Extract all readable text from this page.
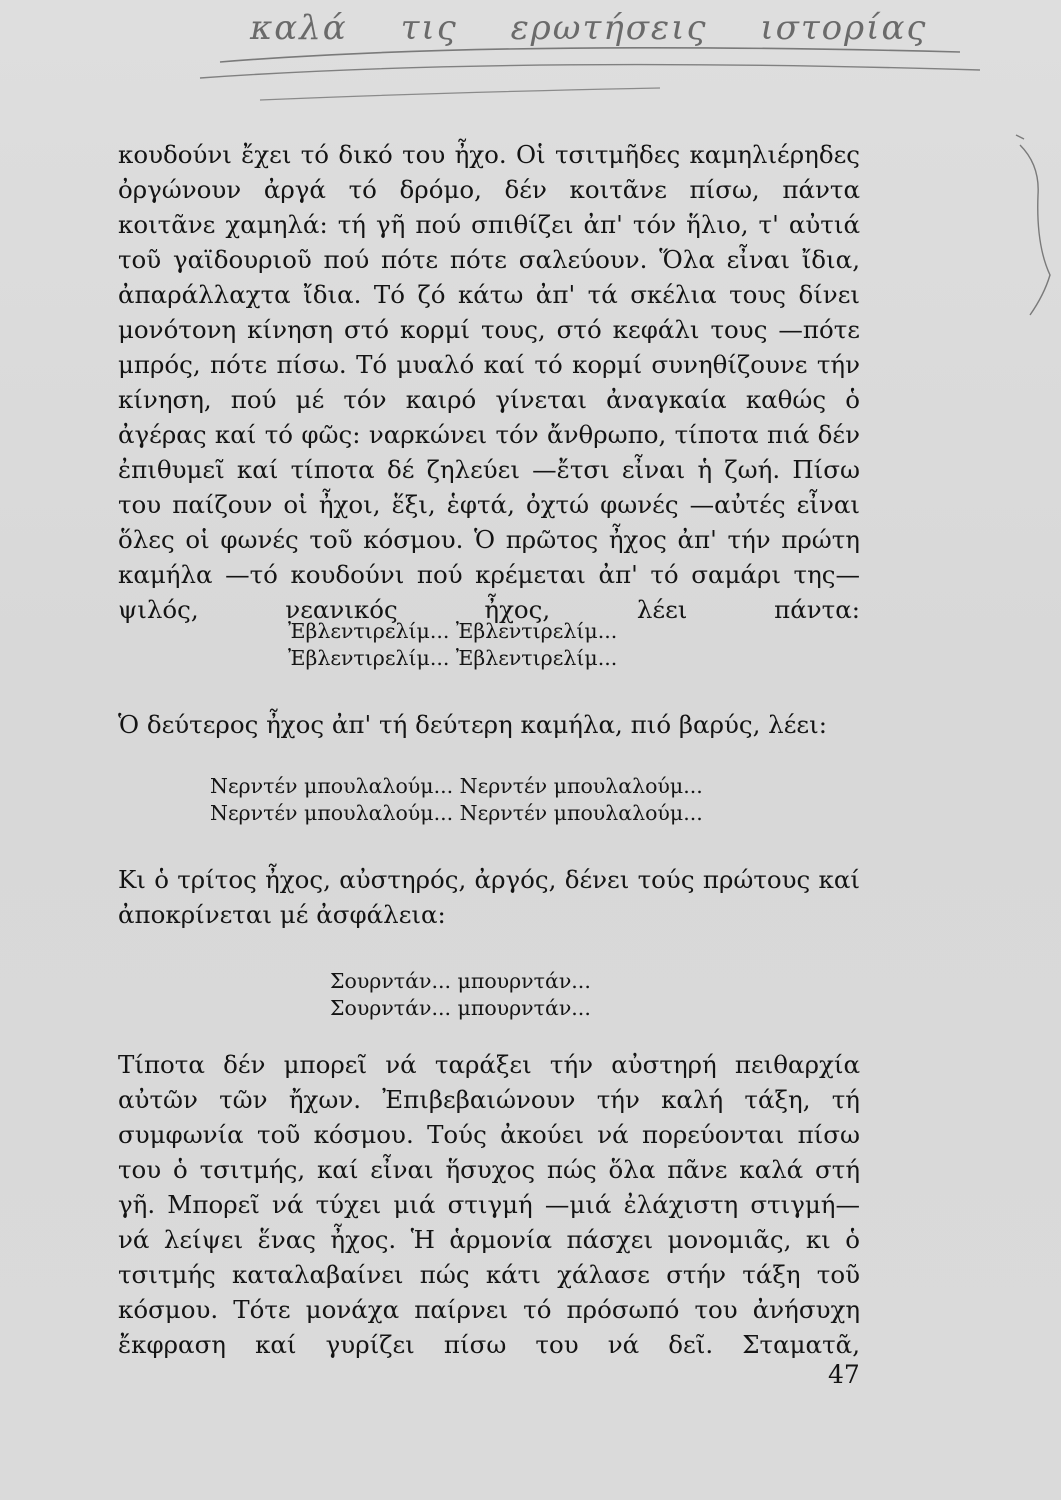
καλά τις ερωτήσεις ιστορίας
κουδούνι ἔχει τό δικό του ἦχο. Οἱ τσιτμῆδες καμηλιέρηδες ὀργώνουν ἀργά τό δρόμο, δέν κοιτᾶνε πίσω, πάντα κοιτᾶνε χαμηλά: τή γῆ πού σπιθίζει ἀπ' τόν ἥλιο, τ' αὐτιά τοῦ γαϊδουριοῦ πού πότε πότε σαλεύουν. Ὅλα εἶναι ἴδια, ἀπαράλλαχτα ἴδια. Τό ζό κάτω ἀπ' τά σκέλια τους δίνει μονότονη κίνηση στό κορμί τους, στό κεφάλι τους —πότε μπρός, πότε πίσω. Τό μυαλό καί τό κορμί συνηθίζουνε τήν κίνηση, πού μέ τόν καιρό γίνεται ἀναγκαία καθώς ὁ ἀγέρας καί τό φῶς: ναρκώνει τόν ἄνθρωπο, τίποτα πιά δέν ἐπιθυμεῖ καί τίποτα δέ ζηλεύει —ἔτσι εἶναι ἡ ζωή. Πίσω του παίζουν οἱ ἦχοι, ἕξι, ἑφτά, ὀχτώ φωνές —αὐτές εἶναι ὅλες οἱ φωνές τοῦ κόσμου. Ὁ πρῶτος ἦχος ἀπ' τήν πρώτη καμήλα —τό κουδούνι πού κρέμεται ἀπ' τό σαμάρι της— ψιλός, νεανικός ἦχος, λέει πάντα:
Ἐβλεντιρελίμ... Ἐβλεντιρελίμ...
Ἐβλεντιρελίμ... Ἐβλεντιρελίμ...
Ὁ δεύτερος ἦχος ἀπ' τή δεύτερη καμήλα, πιό βαρύς, λέει:
Νερντέν μπουλαλούμ... Νερντέν μπουλαλούμ...
Νερντέν μπουλαλούμ... Νερντέν μπουλαλούμ...
Κι ὁ τρίτος ἦχος, αὐστηρός, ἀργός, δένει τούς πρώτους καί ἀποκρίνεται μέ ἀσφάλεια:
Σουρντάν... μπουρντάν...
Σουρντάν... μπουρντάν...
Τίποτα δέν μπορεῖ νά ταράξει τήν αὐστηρή πειθαρχία αὐτῶν τῶν ἤχων. Ἐπιβεβαιώνουν τήν καλή τάξη, τή συμφωνία τοῦ κόσμου. Τούς ἀκούει νά πορεύονται πίσω του ὁ τσιτμής, καί εἶναι ἥσυχος πώς ὅλα πᾶνε καλά στή γῆ. Μπορεῖ νά τύχει μιά στιγμή —μιά ἐλάχιστη στιγμή— νά λείψει ἕνας ἦχος. Ἡ ἁρμονία πάσχει μονομιᾶς, κι ὁ τσιτμής καταλαβαίνει πώς κάτι χάλασε στήν τάξη τοῦ κόσμου. Τότε μονάχα παίρνει τό πρόσωπό του ἀνήσυχη ἔκφραση καί γυρίζει πίσω του νά δεῖ. Σταματᾶ,
47
